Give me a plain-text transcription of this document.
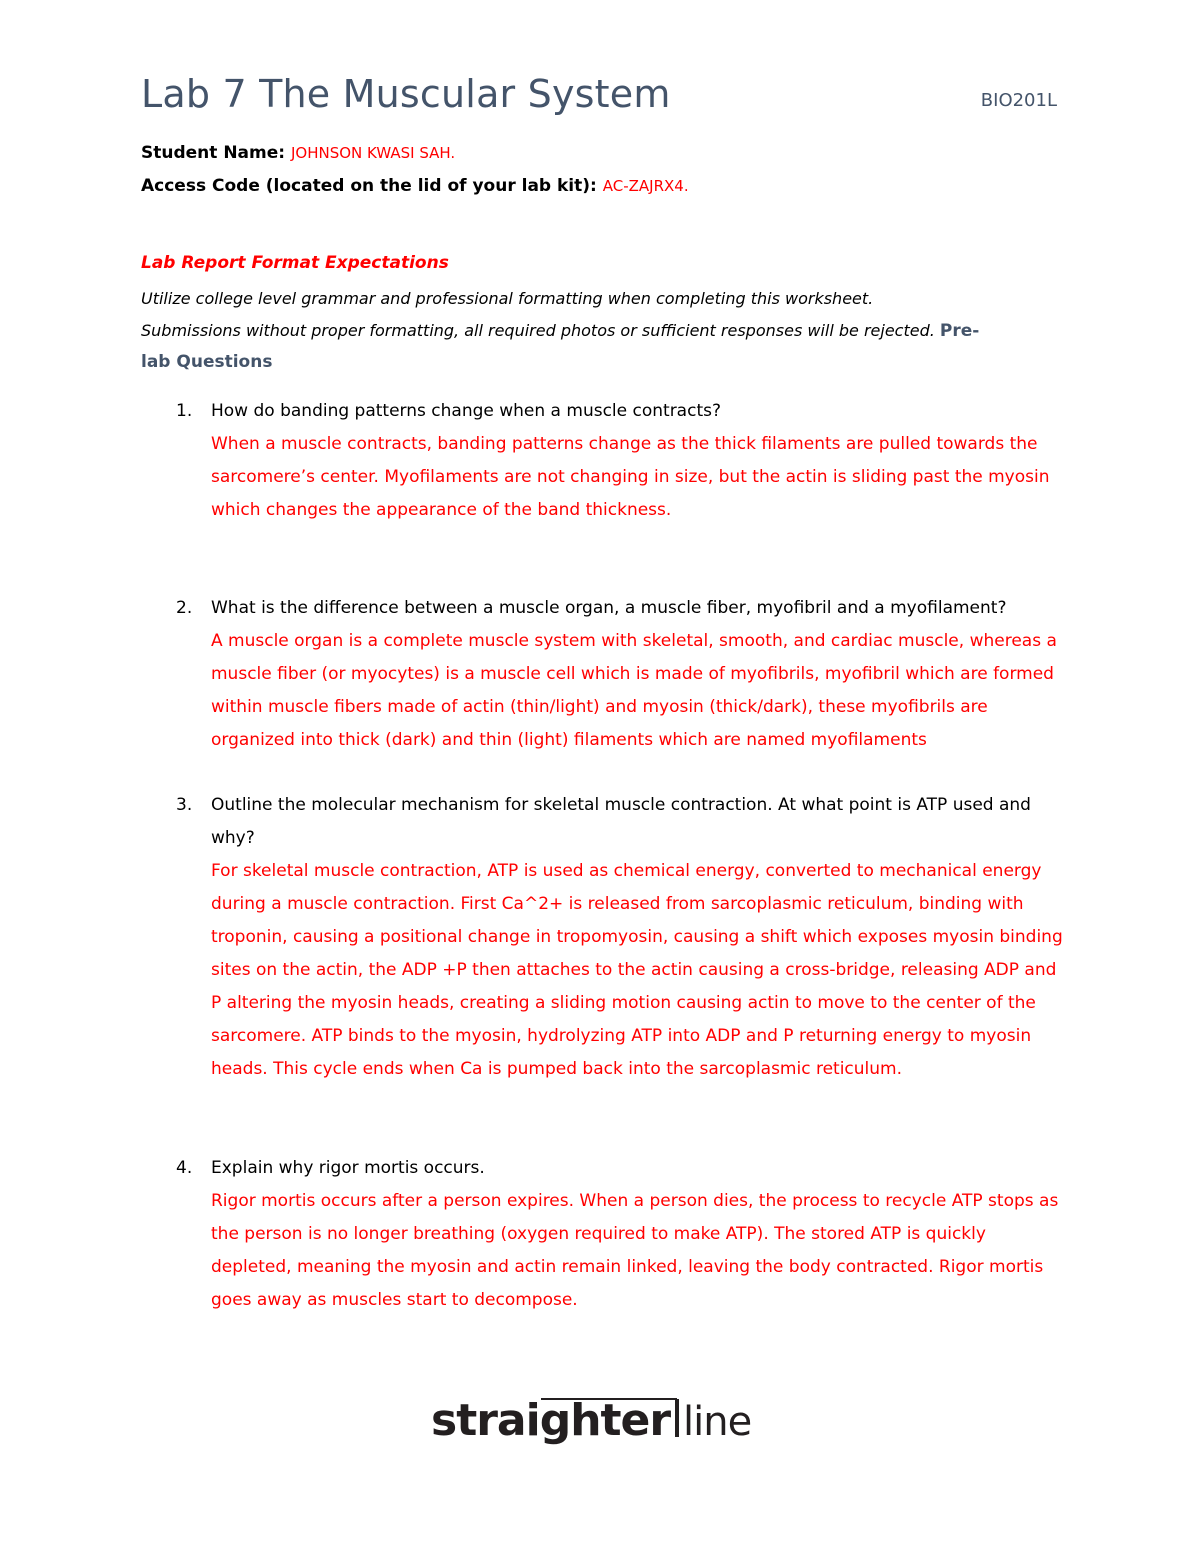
Lab 7 The Muscular System	BIO201L
Student Name: JOHNSON KWASI SAH.
Access Code (located on the lid of your lab kit): AC-ZAJRX4.
Lab Report Format Expectations
Utilize college level grammar and professional formatting when completing this worksheet.
Submissions without proper formatting, all required photos or sufficient responses will be rejected. Pre-
lab Questions
1.	How do banding patterns change when a muscle contracts?
When a muscle contracts, banding patterns change as the thick filaments are pulled towards the sarcomere’s center. Myofilaments are not changing in size, but the actin is sliding past the myosin which changes the appearance of the band thickness.
2.	What is the difference between a muscle organ, a muscle fiber, myofibril and a myofilament?
A muscle organ is a complete muscle system with skeletal, smooth, and cardiac muscle, whereas a muscle fiber (or myocytes) is a muscle cell which is made of myofibrils, myofibril which are formed within muscle fibers made of actin (thin/light) and myosin (thick/dark), these myofibrils are organized into thick (dark) and thin (light) filaments which are named myofilaments
3.	Outline the molecular mechanism for skeletal muscle contraction. At what point is ATP used and why?
For skeletal muscle contraction, ATP is used as chemical energy, converted to mechanical energy during a muscle contraction. First Ca^2+ is released from sarcoplasmic reticulum, binding with troponin, causing a positional change in tropomyosin, causing a shift which exposes myosin binding sites on the actin, the ADP +P then attaches to the actin causing a cross-bridge, releasing ADP and P altering the myosin heads, creating a sliding motion causing actin to move to the center of the sarcomere. ATP binds to the myosin, hydrolyzing ATP into ADP and P returning energy to myosin heads. This cycle ends when Ca is pumped back into the sarcoplasmic reticulum.
4.	Explain why rigor mortis occurs.
Rigor mortis occurs after a person expires. When a person dies, the process to recycle ATP stops as the person is no longer breathing (oxygen required to make ATP). The stored ATP is quickly depleted, meaning the myosin and actin remain linked, leaving the body contracted. Rigor mortis goes away as muscles start to decompose.
straighter line
